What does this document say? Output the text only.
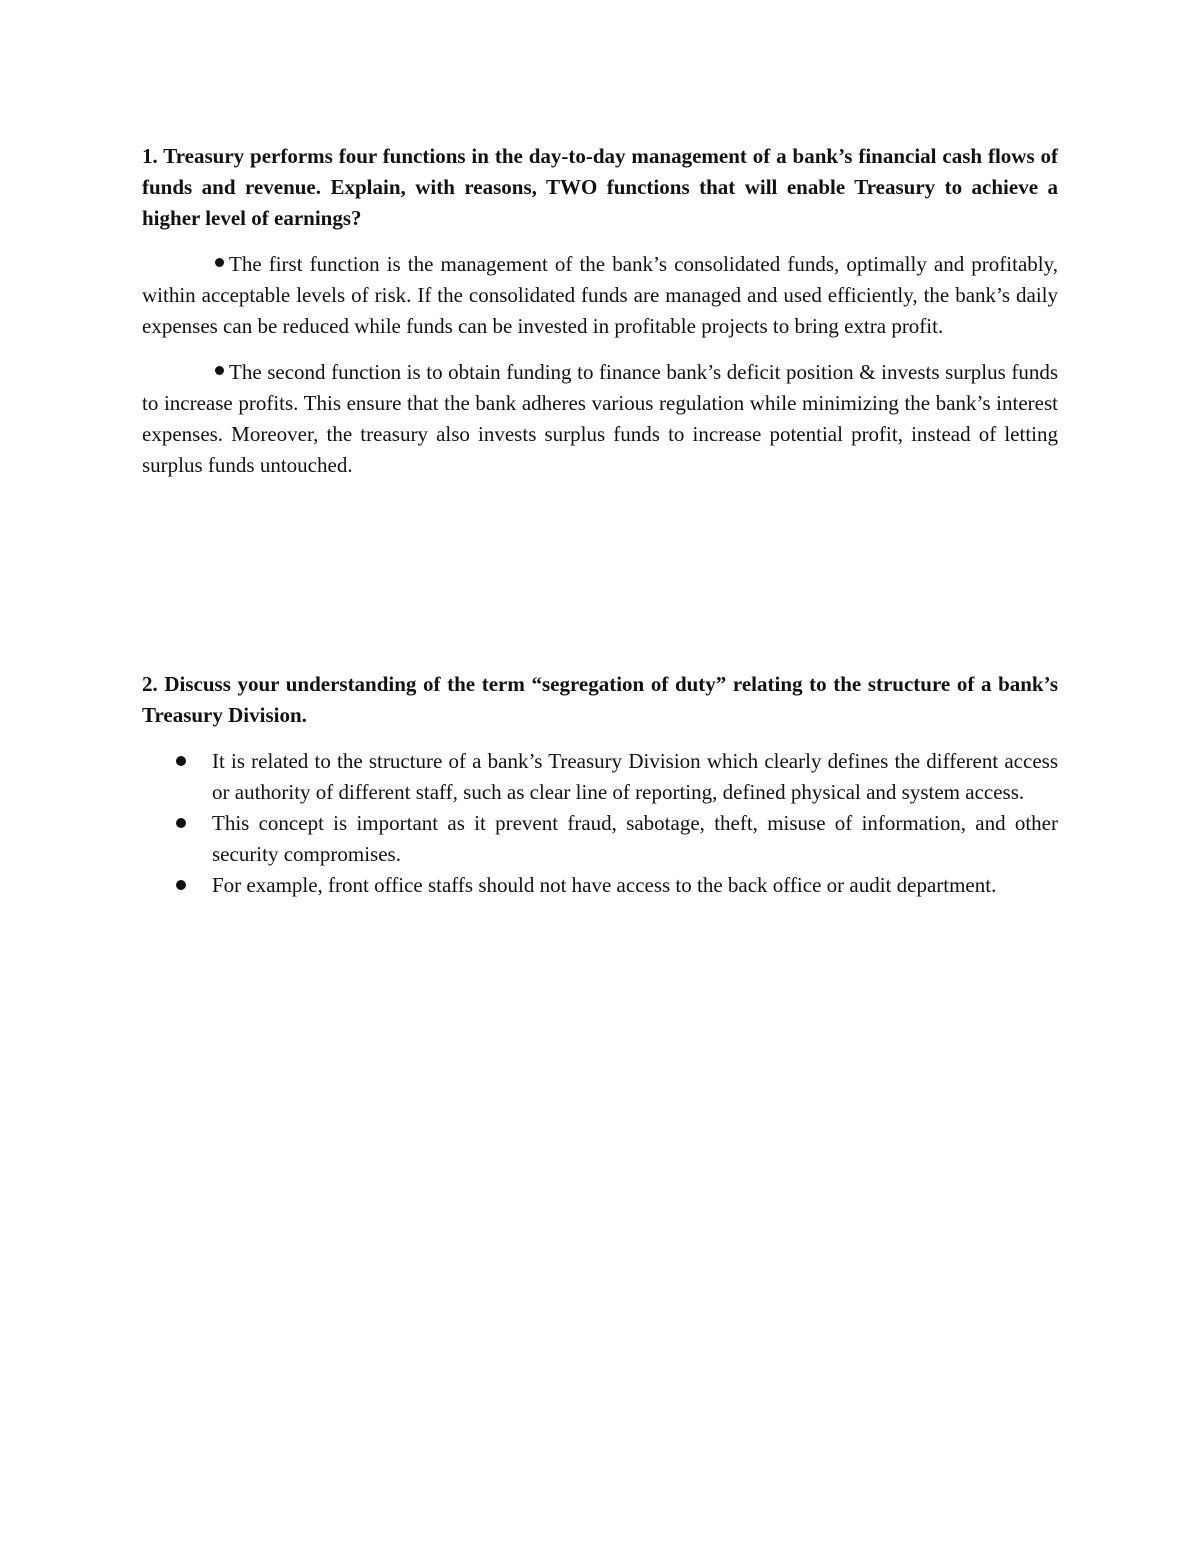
1. Treasury performs four functions in the day-to-day management of a bank’s financial cash flows of funds and revenue. Explain, with reasons, TWO functions that will enable Treasury to achieve a higher level of earnings?

The first function is the management of the bank’s consolidated funds, optimally and profitably, within acceptable levels of risk. If the consolidated funds are managed and used efficiently, the bank’s daily expenses can be reduced while funds can be invested in profitable projects to bring extra profit.

The second function is to obtain funding to finance bank’s deficit position & invests surplus funds to increase profits. This ensure that the bank adheres various regulation while minimizing the bank’s interest expenses. Moreover, the treasury also invests surplus funds to increase potential profit, instead of letting surplus funds untouched.

2. Discuss your understanding of the term “segregation of duty” relating to the structure of a bank’s Treasury Division.

It is related to the structure of a bank’s Treasury Division which clearly defines the different access or authority of different staff, such as clear line of reporting, defined physical and system access.
This concept is important as it prevent fraud, sabotage, theft, misuse of information, and other security compromises.
For example, front office staffs should not have access to the back office or audit department.
